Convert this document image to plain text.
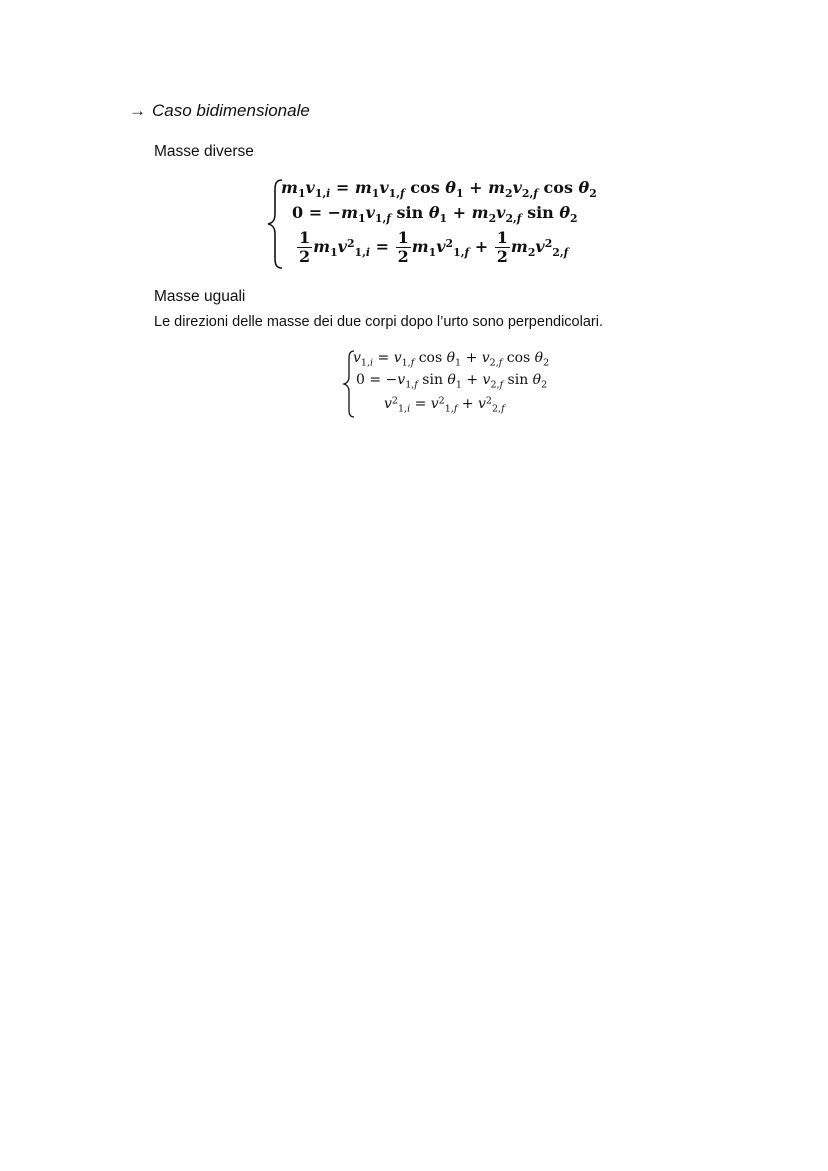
→ Caso bidimensionale
Masse diverse
$m_1v_{1,i} = m_1v_{1,f}$ $\cos \theta_1 + m_2v_{2,f}$ $\cos \theta_2$
$0 = -m_1v_{1,f}$ $\sin \theta_1 + m_2v_{2,f}$ $\sin \theta_2$
$\frac{1}{2} m_1v^2_{1,i} = \frac{1}{2} m_1v^2_{1,f} + \frac{1}{2} m_2v^2_{2,f}$
Masse uguali
Le direzioni delle masse dei due corpi dopo l’urto sono perpendicolari.
$v_{1,i} = v_{1,f}$ $\cos \theta_1 + v_{2,f}$ $\cos \theta_2$
$0 = -v_{1,f}$ $\sin \theta_1 + v_{2,f}$ $\sin \theta_2$
$v^2_{1,i} = v^2_{1,f} + v^2_{2,f}$
